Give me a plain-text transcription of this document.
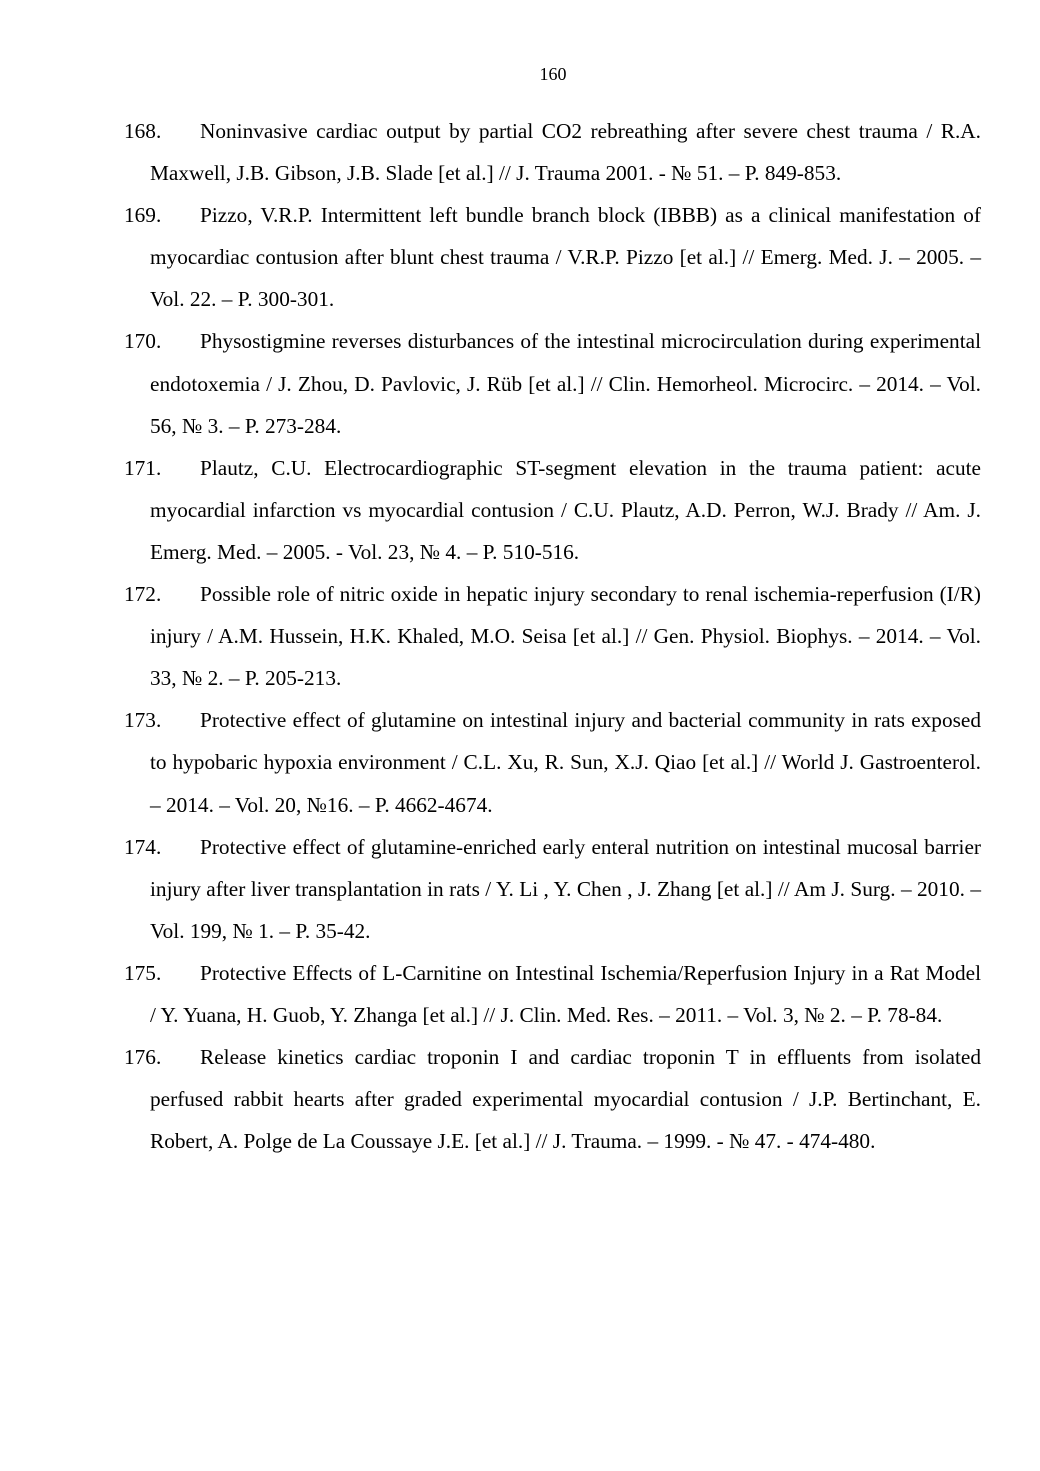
160
168. Noninvasive cardiac output by partial CO2 rebreathing after severe chest trauma / R.A. Maxwell, J.B. Gibson, J.B. Slade [et al.] // J. Trauma 2001. - № 51. – P. 849-853.
169. Pizzo, V.R.P. Intermittent left bundle branch block (IBBB) as a clinical manifestation of myocardiac contusion after blunt chest trauma / V.R.P. Pizzo [et al.] // Emerg. Med. J. – 2005. – Vol. 22. – P. 300-301.
170. Physostigmine reverses disturbances of the intestinal microcirculation during experimental endotoxemia / J. Zhou, D. Pavlovic, J. Rüb [et al.] // Clin. Hemorheol. Microcirc. – 2014. – Vol. 56, № 3. – P. 273-284.
171. Plautz, C.U. Electrocardiographic ST-segment elevation in the trauma patient: acute myocardial infarction vs myocardial contusion / C.U. Plautz, A.D. Perron, W.J. Brady // Am. J. Emerg. Med. – 2005. - Vol. 23, № 4. – P. 510-516.
172. Possible role of nitric oxide in hepatic injury secondary to renal ischemia-reperfusion (I/R) injury / A.M. Hussein, H.K. Khaled, M.O. Seisa [et al.] // Gen. Physiol. Biophys. – 2014. – Vol. 33, № 2. – P. 205-213.
173. Protective effect of glutamine on intestinal injury and bacterial community in rats exposed to hypobaric hypoxia environment / C.L. Xu, R. Sun, X.J. Qiao [et al.] // World J. Gastroenterol. – 2014. – Vol. 20, №16. – P. 4662-4674.
174. Protective effect of glutamine-enriched early enteral nutrition on intestinal mucosal barrier injury after liver transplantation in rats / Y. Li , Y. Chen , J. Zhang [et al.] // Am J. Surg. – 2010. – Vol. 199, № 1. – P. 35-42.
175. Protective Effects of L-Carnitine on Intestinal Ischemia/Reperfusion Injury in a Rat Model / Y. Yuana, H. Guob, Y. Zhanga [et al.] // J. Clin. Med. Res. – 2011. – Vol. 3, № 2. – P. 78-84.
176. Release kinetics cardiac troponin I and cardiac troponin T in effluents from isolated perfused rabbit hearts after graded experimental myocardial contusion / J.P. Bertinchant, E. Robert, A. Polge de La Coussaye J.E. [et al.] // J. Trauma. – 1999. - № 47. - 474-480.
